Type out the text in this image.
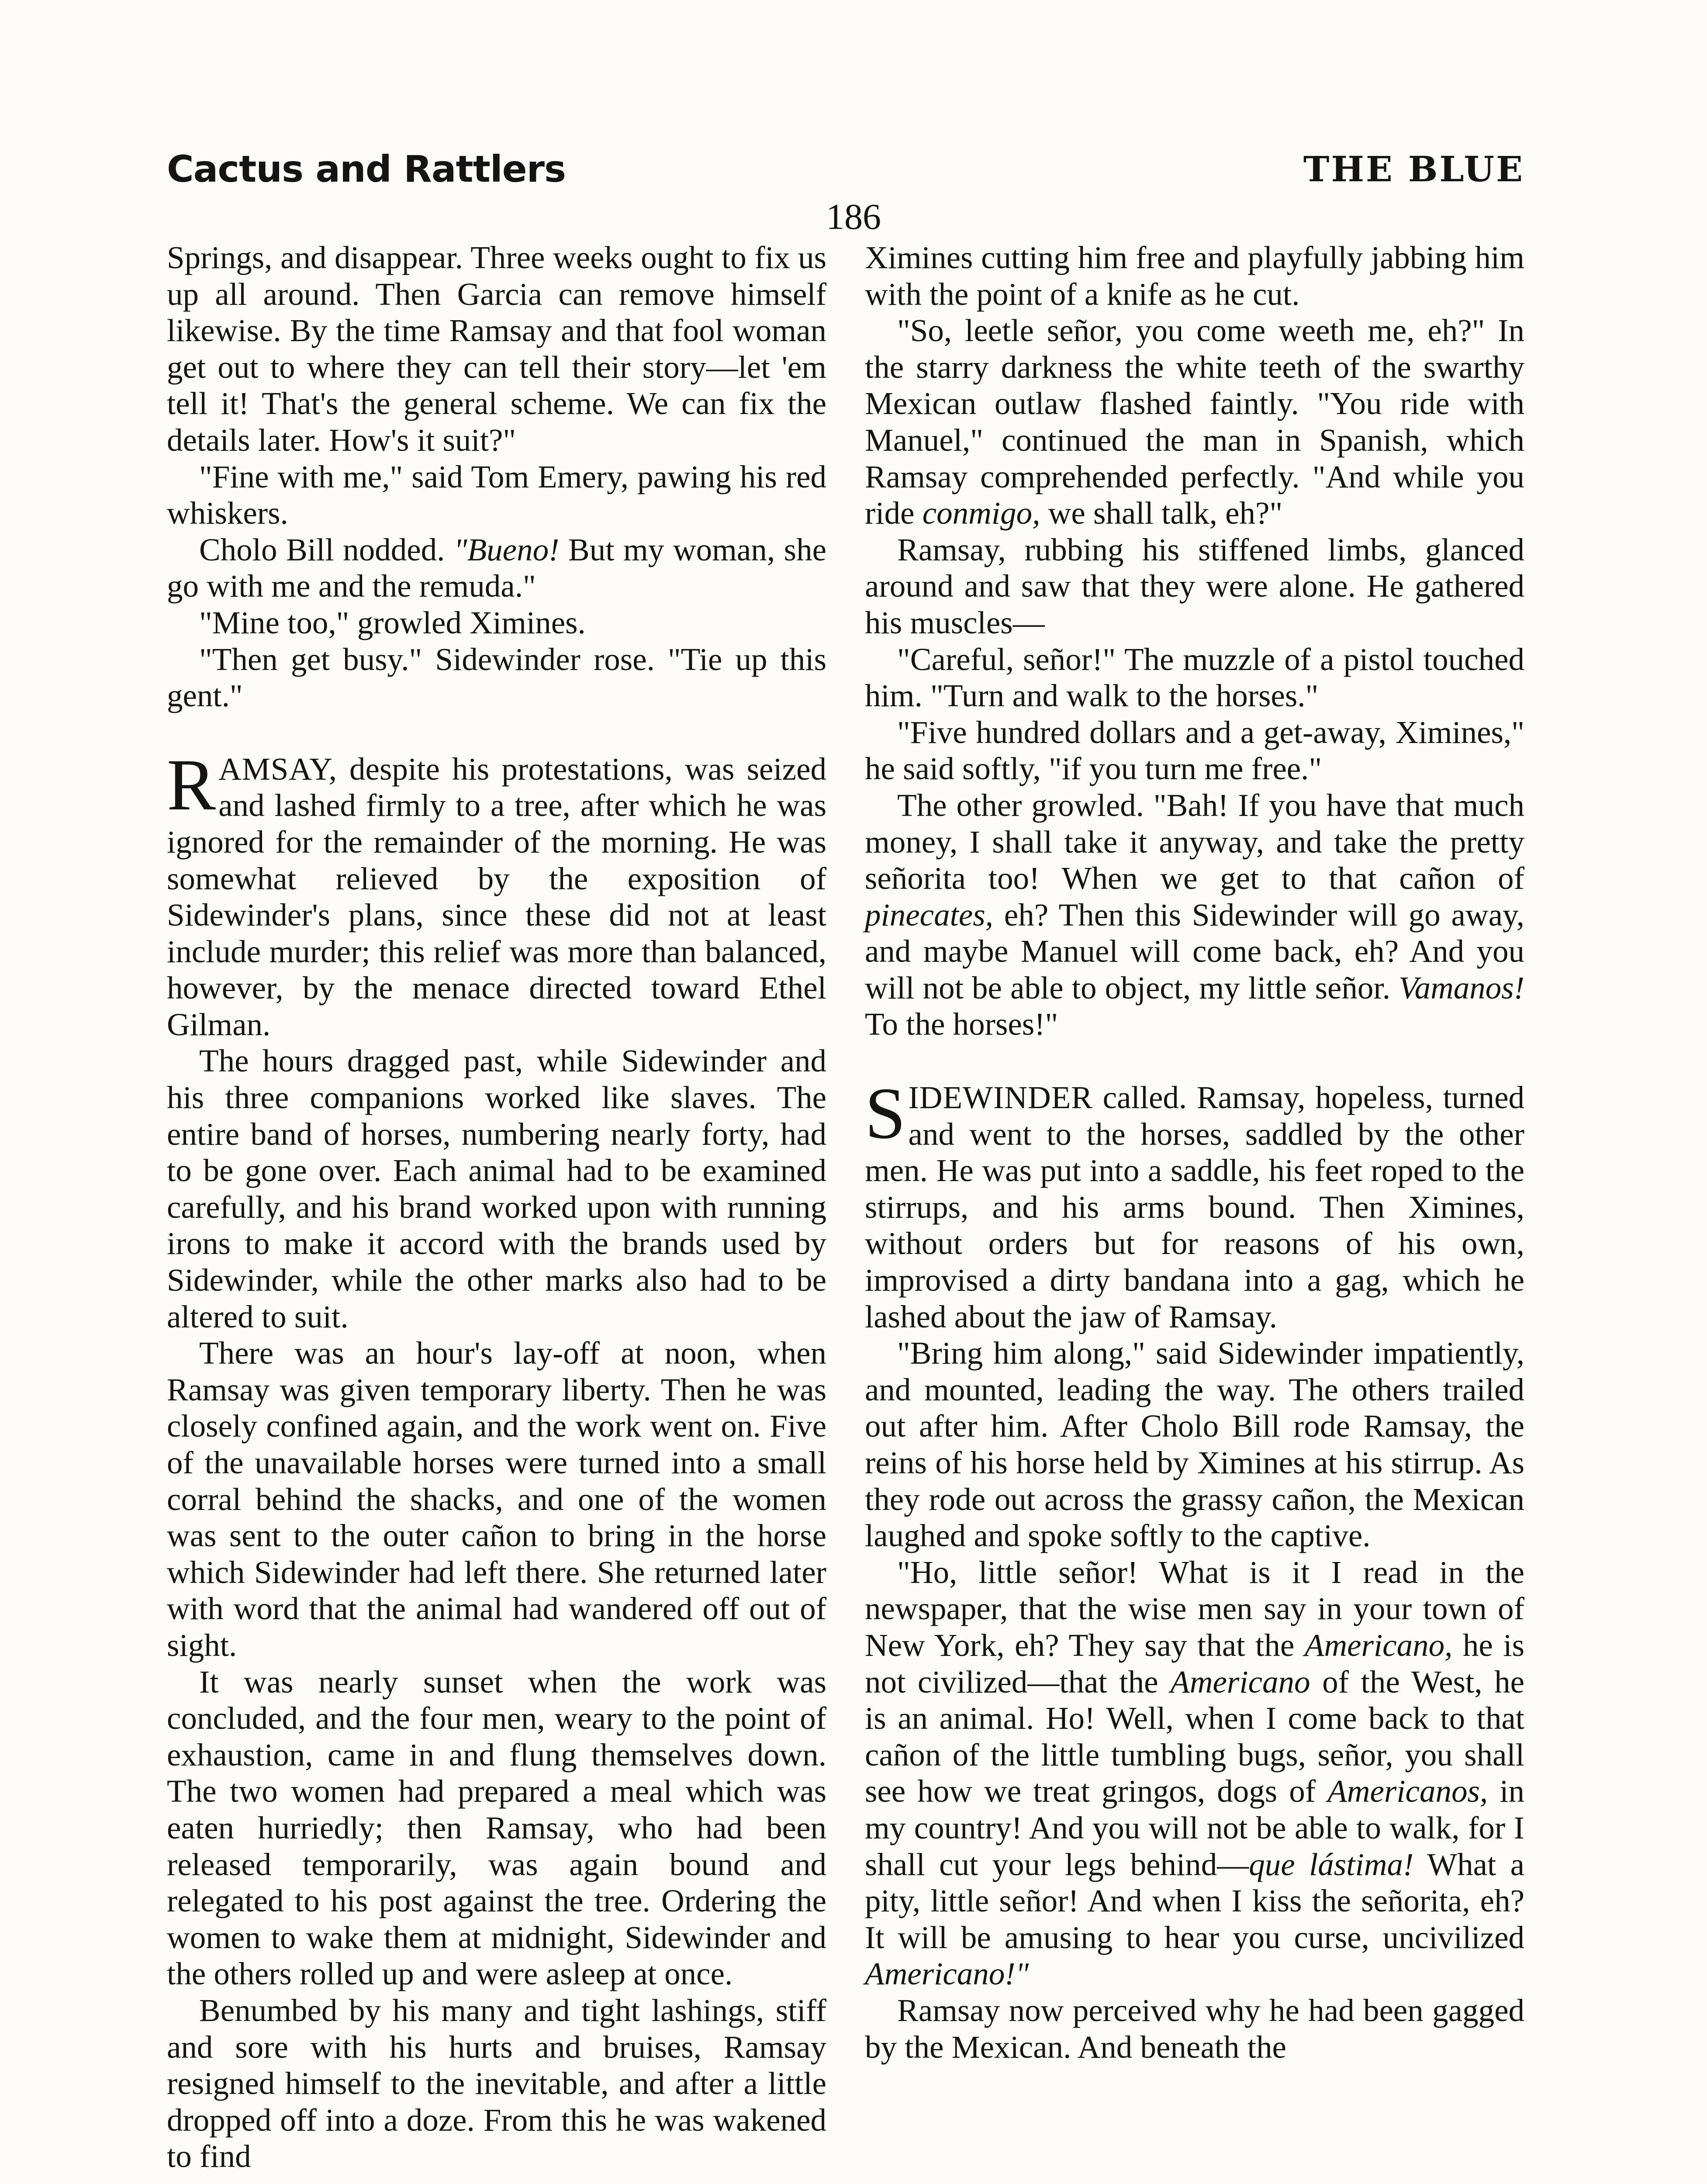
Cactus and Rattlers	THE BLUE
186

Springs, and disappear. Three weeks ought to fix us up all around. Then Garcia can remove himself likewise. By the time Ramsay and that fool woman get out to where they can tell their story—let 'em tell it! That's the general scheme. We can fix the details later. How's it suit?"

"Fine with me," said Tom Emery, pawing his red whiskers.

Cholo Bill nodded. "Bueno! But my woman, she go with me and the remuda."

"Mine too," growled Ximines.

"Then get busy." Sidewinder rose. "Tie up this gent."

RAMSAY, despite his protestations, was seized and lashed firmly to a tree, after which he was ignored for the remainder of the morning. He was somewhat relieved by the exposition of Sidewinder's plans, since these did not at least include murder; this relief was more than balanced, however, by the menace directed toward Ethel Gilman.

The hours dragged past, while Sidewinder and his three companions worked like slaves. The entire band of horses, numbering nearly forty, had to be gone over. Each animal had to be examined carefully, and his brand worked upon with running irons to make it accord with the brands used by Sidewinder, while the other marks also had to be altered to suit.

There was an hour's lay-off at noon, when Ramsay was given temporary liberty. Then he was closely confined again, and the work went on. Five of the unavailable horses were turned into a small corral behind the shacks, and one of the women was sent to the outer cañon to bring in the horse which Sidewinder had left there. She returned later with word that the animal had wandered off out of sight.

It was nearly sunset when the work was concluded, and the four men, weary to the point of exhaustion, came in and flung themselves down. The two women had prepared a meal which was eaten hurriedly; then Ramsay, who had been released temporarily, was again bound and relegated to his post against the tree. Ordering the women to wake them at midnight, Sidewinder and the others rolled up and were asleep at once.

Benumbed by his many and tight lashings, stiff and sore with his hurts and bruises, Ramsay resigned himself to the inevitable, and after a little dropped off into a doze. From this he was wakened to find

Ximines cutting him free and playfully jabbing him with the point of a knife as he cut.

"So, leetle señor, you come weeth me, eh?" In the starry darkness the white teeth of the swarthy Mexican outlaw flashed faintly. "You ride with Manuel," continued the man in Spanish, which Ramsay comprehended perfectly. "And while you ride conmigo, we shall talk, eh?"

Ramsay, rubbing his stiffened limbs, glanced around and saw that they were alone. He gathered his muscles—

"Careful, señor!" The muzzle of a pistol touched him. "Turn and walk to the horses."

"Five hundred dollars and a get-away, Ximines," he said softly, "if you turn me free."

The other growled. "Bah! If you have that much money, I shall take it anyway, and take the pretty señorita too! When we get to that cañon of pinecates, eh? Then this Sidewinder will go away, and maybe Manuel will come back, eh? And you will not be able to object, my little señor. Vamanos! To the horses!"

SIDEWINDER called. Ramsay, hopeless, turned and went to the horses, saddled by the other men. He was put into a saddle, his feet roped to the stirrups, and his arms bound. Then Ximines, without orders but for reasons of his own, improvised a dirty bandana into a gag, which he lashed about the jaw of Ramsay.

"Bring him along," said Sidewinder impatiently, and mounted, leading the way. The others trailed out after him. After Cholo Bill rode Ramsay, the reins of his horse held by Ximines at his stirrup. As they rode out across the grassy cañon, the Mexican laughed and spoke softly to the captive.

"Ho, little señor! What is it I read in the newspaper, that the wise men say in your town of New York, eh? They say that the Americano, he is not civilized—that the Americano of the West, he is an animal. Ho! Well, when I come back to that cañon of the little tumbling bugs, señor, you shall see how we treat gringos, dogs of Americanos, in my country! And you will not be able to walk, for I shall cut your legs behind—que lástima! What a pity, little señor! And when I kiss the señorita, eh? It will be amusing to hear you curse, uncivilized Americano!"

Ramsay now perceived why he had been gagged by the Mexican. And beneath the
